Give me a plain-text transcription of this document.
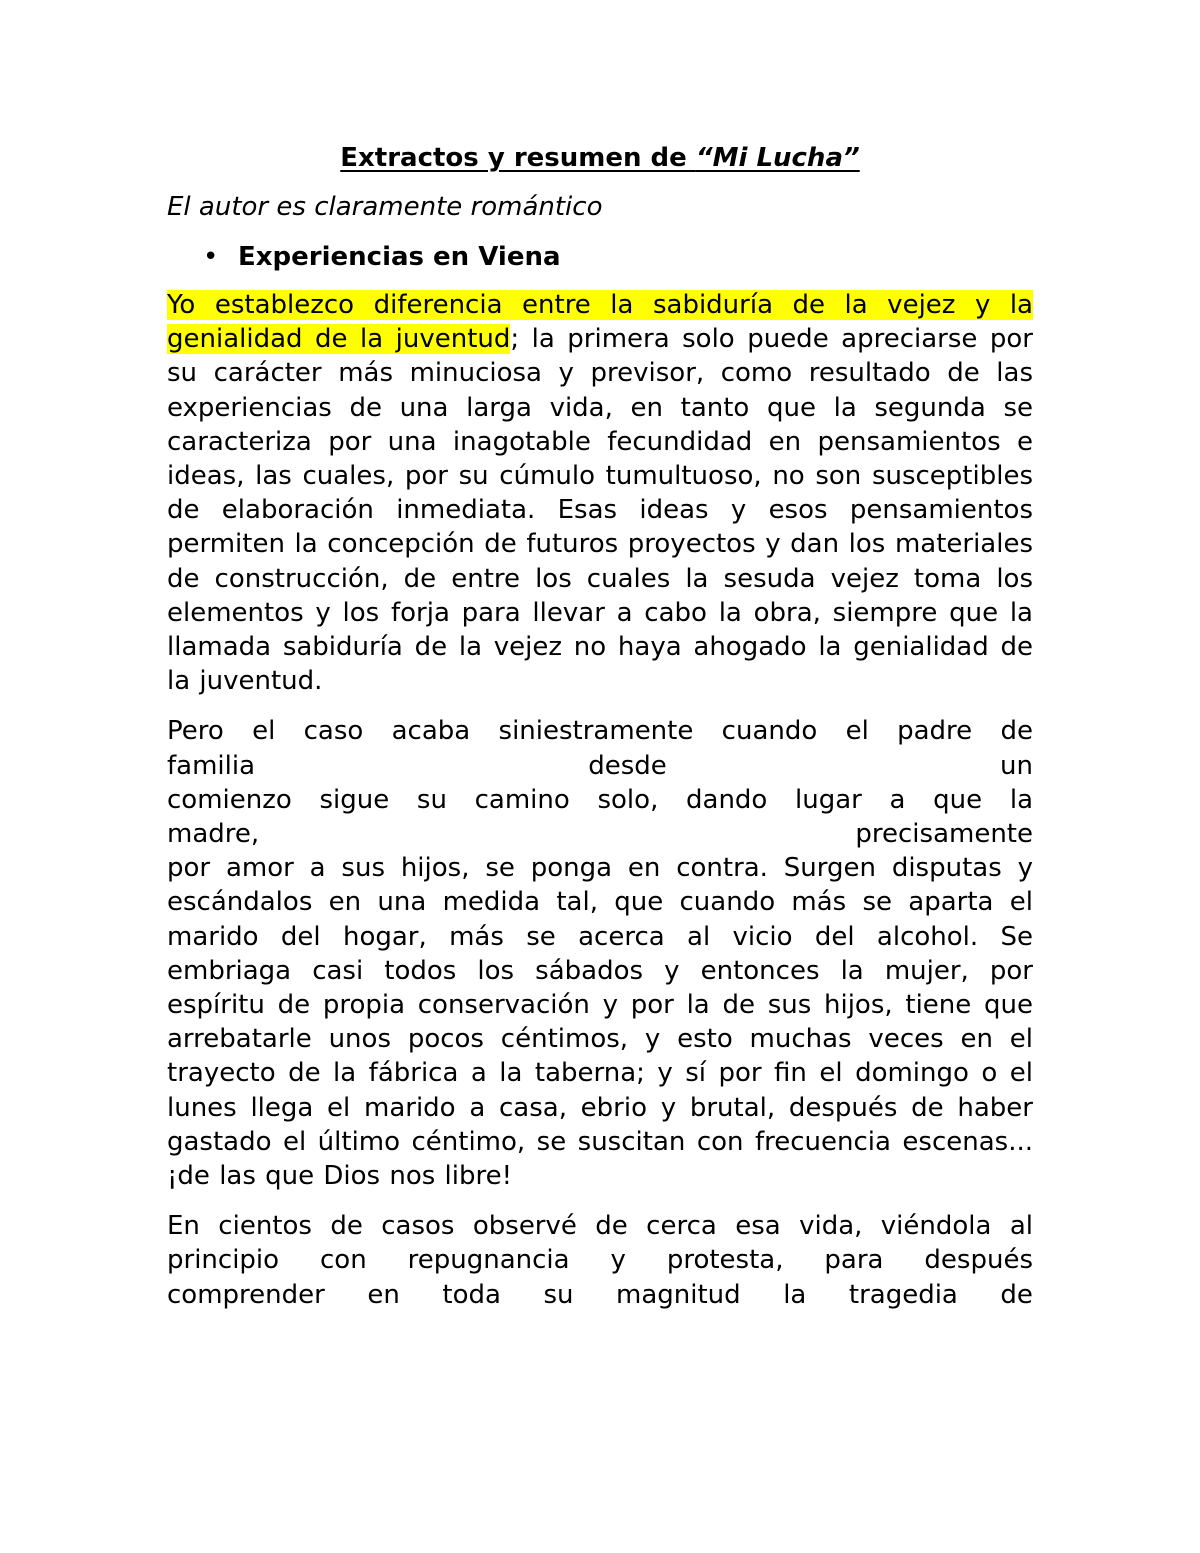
Extractos y resumen de “Mi Lucha”

El autor es claramente romántico

• Experiencias en Viena

Yo establezco diferencia entre la sabiduría de la vejez y la genialidad de la juventud; la primera solo puede apreciarse por su carácter más minuciosa y previsor, como resultado de las experiencias de una larga vida, en tanto que la segunda se caracteriza por una inagotable fecundidad en pensamientos e ideas, las cuales, por su cúmulo tumultuoso, no son susceptibles de elaboración inmediata. Esas ideas y esos pensamientos permiten la concepción de futuros proyectos y dan los materiales de construcción, de entre los cuales la sesuda vejez toma los elementos y los forja para llevar a cabo la obra, siempre que la llamada sabiduría de la vejez no haya ahogado la genialidad de la juventud.

Pero el caso acaba siniestramente cuando el padre de
familia	desde	un
comienzo sigue su camino solo, dando lugar a que la
madre,	precisamente
por amor a sus hijos, se ponga en contra. Surgen disputas y escándalos en una medida tal, que cuando más se aparta el marido del hogar, más se acerca al vicio del alcohol. Se embriaga casi todos los sábados y entonces la mujer, por espíritu de propia conservación y por la de sus hijos, tiene que arrebatarle unos pocos céntimos, y esto muchas veces en el trayecto de la fábrica a la taberna; y sí por fin el domingo o el lunes llega el marido a casa, ebrio y brutal, después de haber gastado el último céntimo, se suscitan con frecuencia escenas... ¡de las que Dios nos libre!
En cientos de casos observé de cerca esa vida, viéndola al principio con repugnancia y protesta, para después
comprender en toda su magnitud la tragedia de
